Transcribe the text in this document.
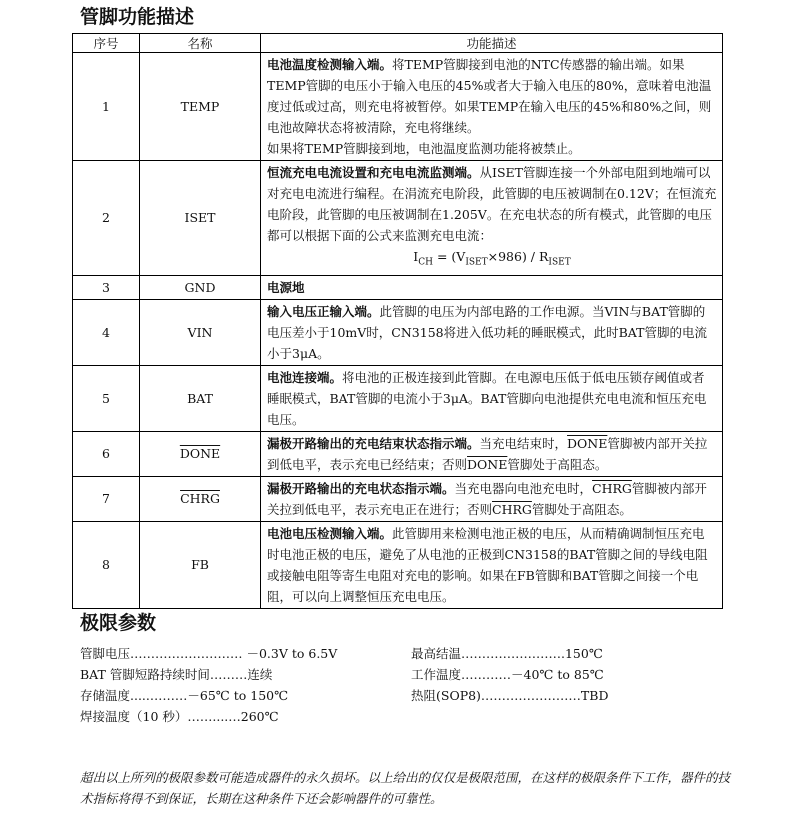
管脚功能描述
序号	名称	功能描述
1	TEMP	电池温度检测输入端。将TEMP管脚接到电池的NTC传感器的输出端。如果TEMP管脚的电压小于输入电压的45%或者大于输入电压的80%，意味着电池温度过低或过高，则充电将被暂停。如果TEMP在输入电压的45%和80%之间，则电池故障状态将被清除，充电将继续。
如果将TEMP管脚接到地，电池温度监测功能将被禁止。
2	ISET	恒流充电电流设置和充电电流监测端。从ISET管脚连接一个外部电阻到地端可以对充电电流进行编程。在涓流充电阶段，此管脚的电压被调制在0.12V；在恒流充电阶段，此管脚的电压被调制在1.205V。在充电状态的所有模式，此管脚的电压都可以根据下面的公式来监测充电电流：
$I_{CH} = (V_{ISET}\times 986) / R_{ISET}$

3	GND	电源地
4	VIN	输入电压正输入端。此管脚的电压为内部电路的工作电源。当VIN与BAT管脚的电压差小于10mV时，CN3158将进入低功耗的睡眠模式，此时BAT管脚的电流小于3μA。
5	BAT	电池连接端。将电池的正极连接到此管脚。在电源电压低于低电压锁存阈值或者睡眠模式，BAT管脚的电流小于3μA。BAT管脚向电池提供充电电流和恒压充电电压。
6	DONE	漏极开路输出的充电结束状态指示端。当充电结束时，DONE管脚被内部开关拉到低电平，表示充电已经结束；否则DONE管脚处于高阻态。
7	CHRG	漏极开路输出的充电状态指示端。当充电器向电池充电时，CHRG管脚被内部开关拉到低电平，表示充电正在进行；否则CHRG管脚处于高阻态。
8	FB	电池电压检测输入端。此管脚用来检测电池正极的电压，从而精确调制恒压充电时电池正极的电压，避免了从电池的正极到CN3158的BAT管脚之间的导线电阻或接触电阻等寄生电阻对充电的影响。如果在FB管脚和BAT管脚之间接一个电阻，可以向上调整恒压充电电压。
极限参数
管脚电压……………………… －0.3V to 6.5V
BAT 管脚短路持续时间………连续
存储温度.....………－65℃ to 150℃
焊接温度（10 秒）……....…260℃
最高结温…………………….150℃
工作温度…………－40℃ to 85℃
热阻(SOP8)……………………TBD

超出以上所列的极限参数可能造成器件的永久损坏。以上给出的仅仅是极限范围，在这样的极限条件下工作，器件的技术指标将得不到保证，长期在这种条件下还会影响器件的可靠性。
